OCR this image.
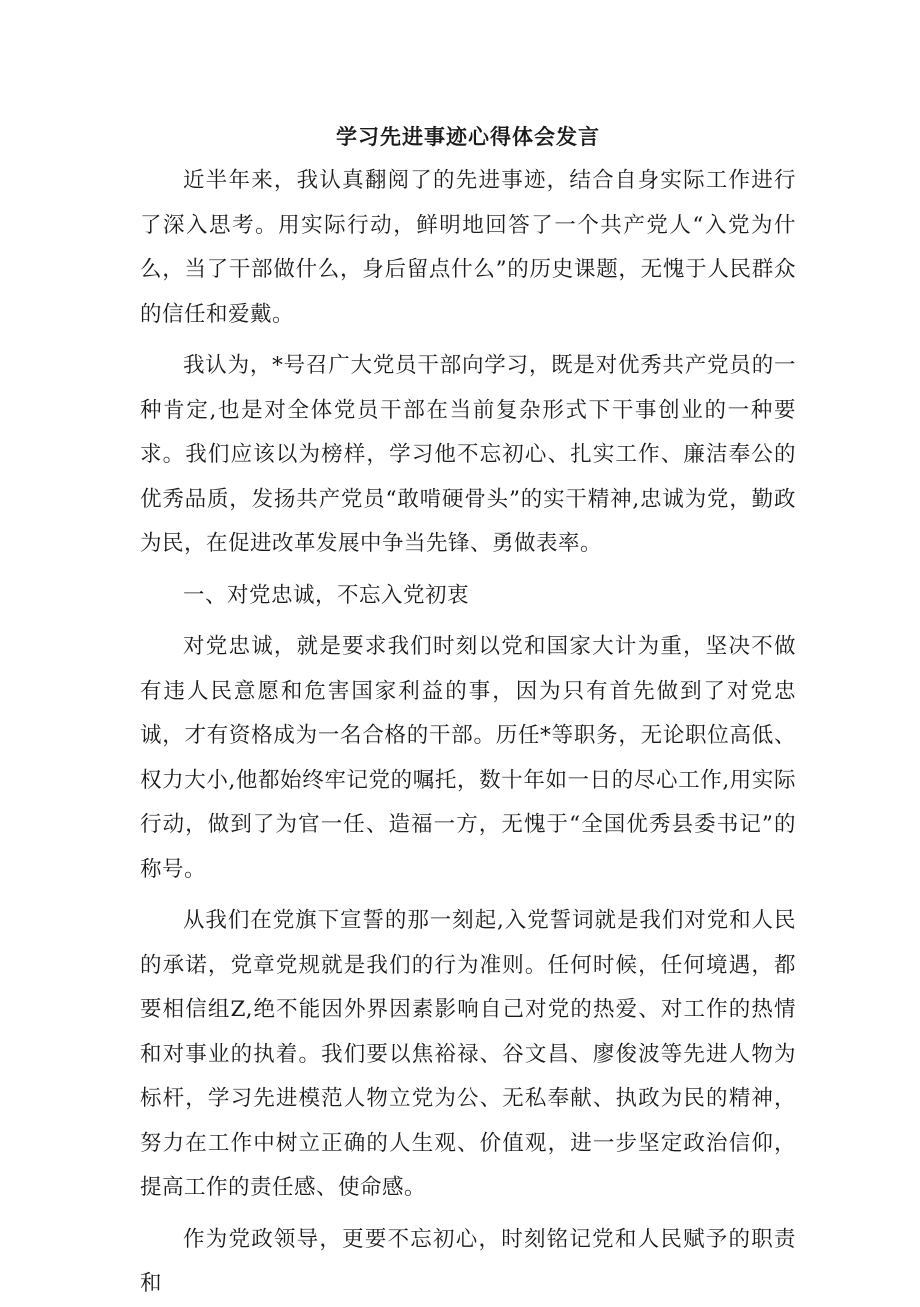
学习先进事迹心得体会发言

近半年来，我认真翻阅了的先进事迹，结合自身实际工作进行了深入思考。用实际行动，鲜明地回答了一个共产党人“入党为什么，当了干部做什么，身后留点什么”的历史课题，无愧于人民群众的信任和爱戴。

我认为，*号召广大党员干部向学习，既是对优秀共产党员的一种肯定,也是对全体党员干部在当前复杂形式下干事创业的一种要求。我们应该以为榜样，学习他不忘初心、扎实工作、廉洁奉公的优秀品质，发扬共产党员“敢啃硬骨头”的实干精神,忠诚为党，勤政为民，在促进改革发展中争当先锋、勇做表率。

一、对党忠诚，不忘入党初衷

对党忠诚，就是要求我们时刻以党和国家大计为重，坚决不做有违人民意愿和危害国家利益的事，因为只有首先做到了对党忠诚，才有资格成为一名合格的干部。历任*等职务，无论职位高低、权力大小,他都始终牢记党的嘱托，数十年如一日的尽心工作,用实际行动，做到了为官一任、造福一方，无愧于“全国优秀县委书记”的称号。

从我们在党旗下宣誓的那一刻起,入党誓词就是我们对党和人民的承诺，党章党规就是我们的行为准则。任何时候，任何境遇，都要相信组Z,绝不能因外界因素影响自己对党的热爱、对工作的热情和对事业的执着。我们要以焦裕禄、谷文昌、廖俊波等先进人物为标杆，学习先进模范人物立党为公、无私奉献、执政为民的精神，努力在工作中树立正确的人生观、价值观，进一步坚定政治信仰，提高工作的责任感、使命感。

作为党政领导，更要不忘初心，时刻铭记党和人民赋予的职责和
